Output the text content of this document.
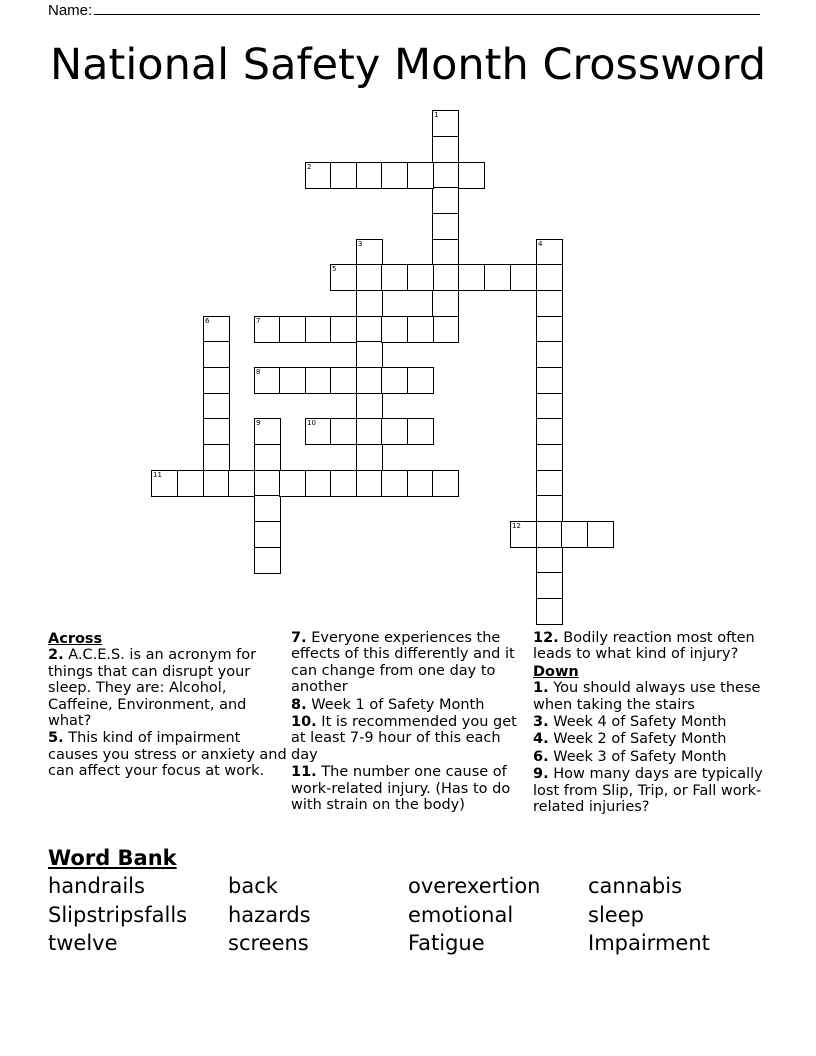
Name:
National Safety Month Crossword
1
2
3	4
5
6	7
8
9	10
11
12
Across
2. A.C.E.S. is an acronym for things that can disrupt your sleep. They are: Alcohol, Caffeine, Environment, and what?
5. This kind of impairment causes you stress or anxiety and can affect your focus at work.
7. Everyone experiences the effects of this differently and it can change from one day to another
8. Week 1 of Safety Month
10. It is recommended you get at least 7-9 hour of this each day
11. The number one cause of work-related injury. (Has to do with strain on the body)
12. Bodily reaction most often leads to what kind of injury?
Down
1. You should always use these when taking the stairs
3. Week 4 of Safety Month
4. Week 2 of Safety Month
6. Week 3 of Safety Month
9. How many days are typically lost from Slip, Trip, or Fall work-related injuries?
Word Bank
handrails	back	overexertion cannabis
Slipstripsfalls hazards	emotional	sleep
twelve	screens	Fatigue	Impairment
